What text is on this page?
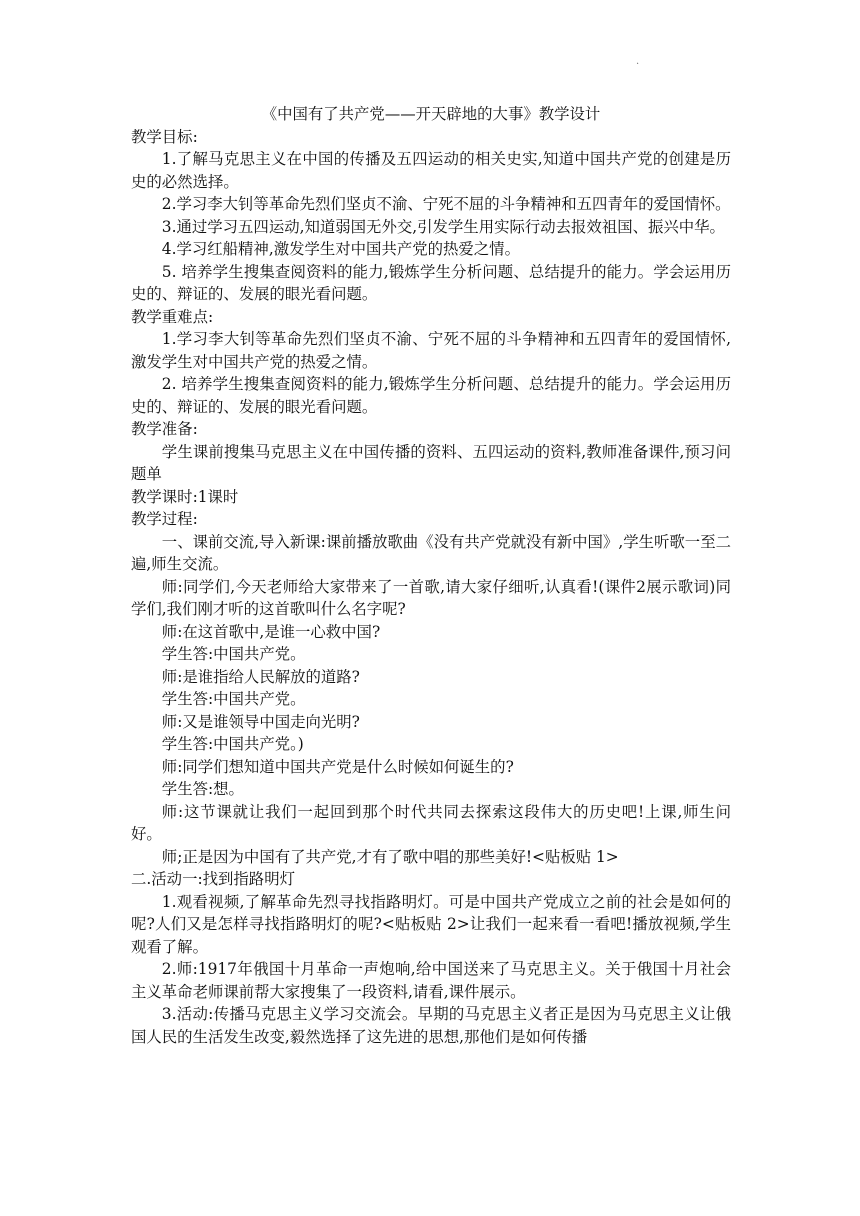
.

《中国有了共产党——开天辟地的大事》教学设计

教学目标:

1.了解马克思主义在中国的传播及五四运动的相关史实,知道中国共产党的创建是历史的必然选择。

2.学习李大钊等革命先烈们坚贞不渝、宁死不屈的斗争精神和五四青年的爱国情怀。

3.通过学习五四运动,知道弱国无外交,引发学生用实际行动去报效祖国、振兴中华。

4.学习红船精神,激发学生对中国共产党的热爱之情。

5. 培养学生搜集查阅资料的能力,锻炼学生分析问题、总结提升的能力。学会运用历史的、辩证的、发展的眼光看问题。

教学重难点:

1.学习李大钊等革命先烈们坚贞不渝、宁死不屈的斗争精神和五四青年的爱国情怀,激发学生对中国共产党的热爱之情。

2. 培养学生搜集查阅资料的能力,锻炼学生分析问题、总结提升的能力。学会运用历史的、辩证的、发展的眼光看问题。

教学准备:

学生课前搜集马克思主义在中国传播的资料、五四运动的资料,教师准备课件,预习问题单

教学课时:1课时

教学过程:

一、课前交流,导入新课:课前播放歌曲《没有共产党就没有新中国》,学生听歌一至二遍,师生交流。

师:同学们,今天老师给大家带来了一首歌,请大家仔细听,认真看!(课件2展示歌词)同学们,我们刚才听的这首歌叫什么名字呢?

师:在这首歌中,是谁一心救中国?

学生答:中国共产党。

师:是谁指给人民解放的道路?

学生答:中国共产党。

师:又是谁领导中国走向光明?

学生答:中国共产党。)

师:同学们想知道中国共产党是什么时候如何诞生的?

学生答:想。

师:这节课就让我们一起回到那个时代共同去探索这段伟大的历史吧!上课,师生问好。

师;正是因为中国有了共产党,才有了歌中唱的那些美好!<贴板贴 1>

二.活动一:找到指路明灯

1.观看视频,了解革命先烈寻找指路明灯。可是中国共产党成立之前的社会是如何的呢?人们又是怎样寻找指路明灯的呢?<贴板贴 2>让我们一起来看一看吧!播放视频,学生观看了解。

2.师:1917年俄国十月革命一声炮响,给中国送来了马克思主义。关于俄国十月社会主义革命老师课前帮大家搜集了一段资料,请看,课件展示。

3.活动:传播马克思主义学习交流会。早期的马克思主义者正是因为马克思主义让俄国人民的生活发生改变,毅然选择了这先进的思想,那他们是如何传播
